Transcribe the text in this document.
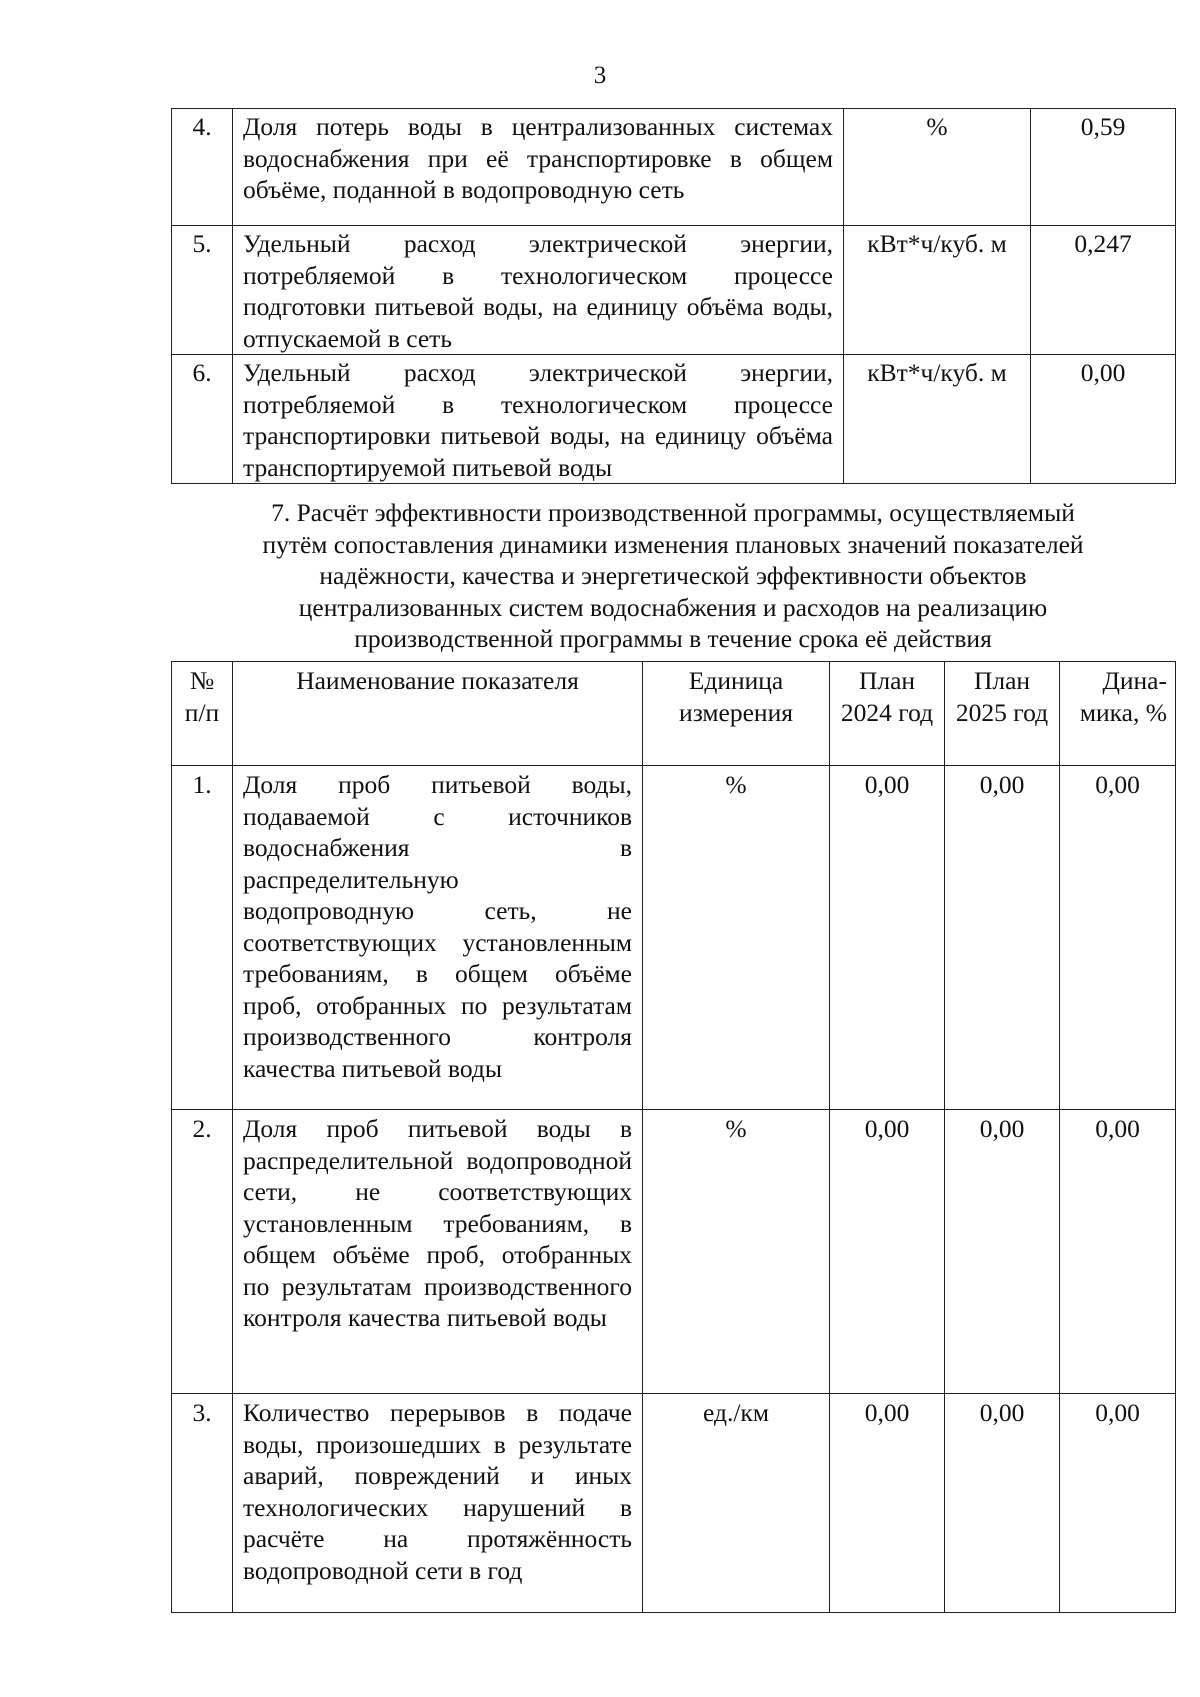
3
4.	Доля потерь воды в централизованных системах водоснабжения при её транспортировке в общем объёме, поданной в водопроводную сеть	%	0,59
5.	Удельный расход электрической энергии, потребляемой в технологическом процессе подготовки питьевой воды, на единицу объёма воды, отпускаемой в сеть	кВт*ч/куб. м	0,247
6.	Удельный расход электрической энергии, потребляемой в технологическом процессе транспортировки питьевой воды, на единицу объёма транспортируемой питьевой воды	кВт*ч/куб. м	0,00
7. Расчёт эффективности производственной программы, осуществляемый
путём сопоставления динамики изменения плановых значений показателей
надёжности, качества и энергетической эффективности объектов
централизованных систем водоснабжения и расходов на реализацию
производственной программы в течение срока её действия
№ п/п	Наименование показателя	Единица измерения	План 2024 год	План 2025 год	Дина-мика, %
1.	Доля проб питьевой воды, подаваемой с источников водоснабжения в распределительную водопроводную сеть, не соответствующих установленным требованиям, в общем объёме проб, отобранных по результатам производственного контроля качества питьевой воды	%	0,00	0,00	0,00
2.	Доля проб питьевой воды в распределительной водопроводной сети, не соответствующих установленным требованиям, в общем объёме проб, отобранных по результатам производственного контроля качества питьевой воды	%	0,00	0,00	0,00
3.	Количество перерывов в подаче воды, произошедших в результате аварий, повреждений и иных технологических нарушений в расчёте на протяжённость водопроводной сети в год	ед./км	0,00	0,00	0,00
